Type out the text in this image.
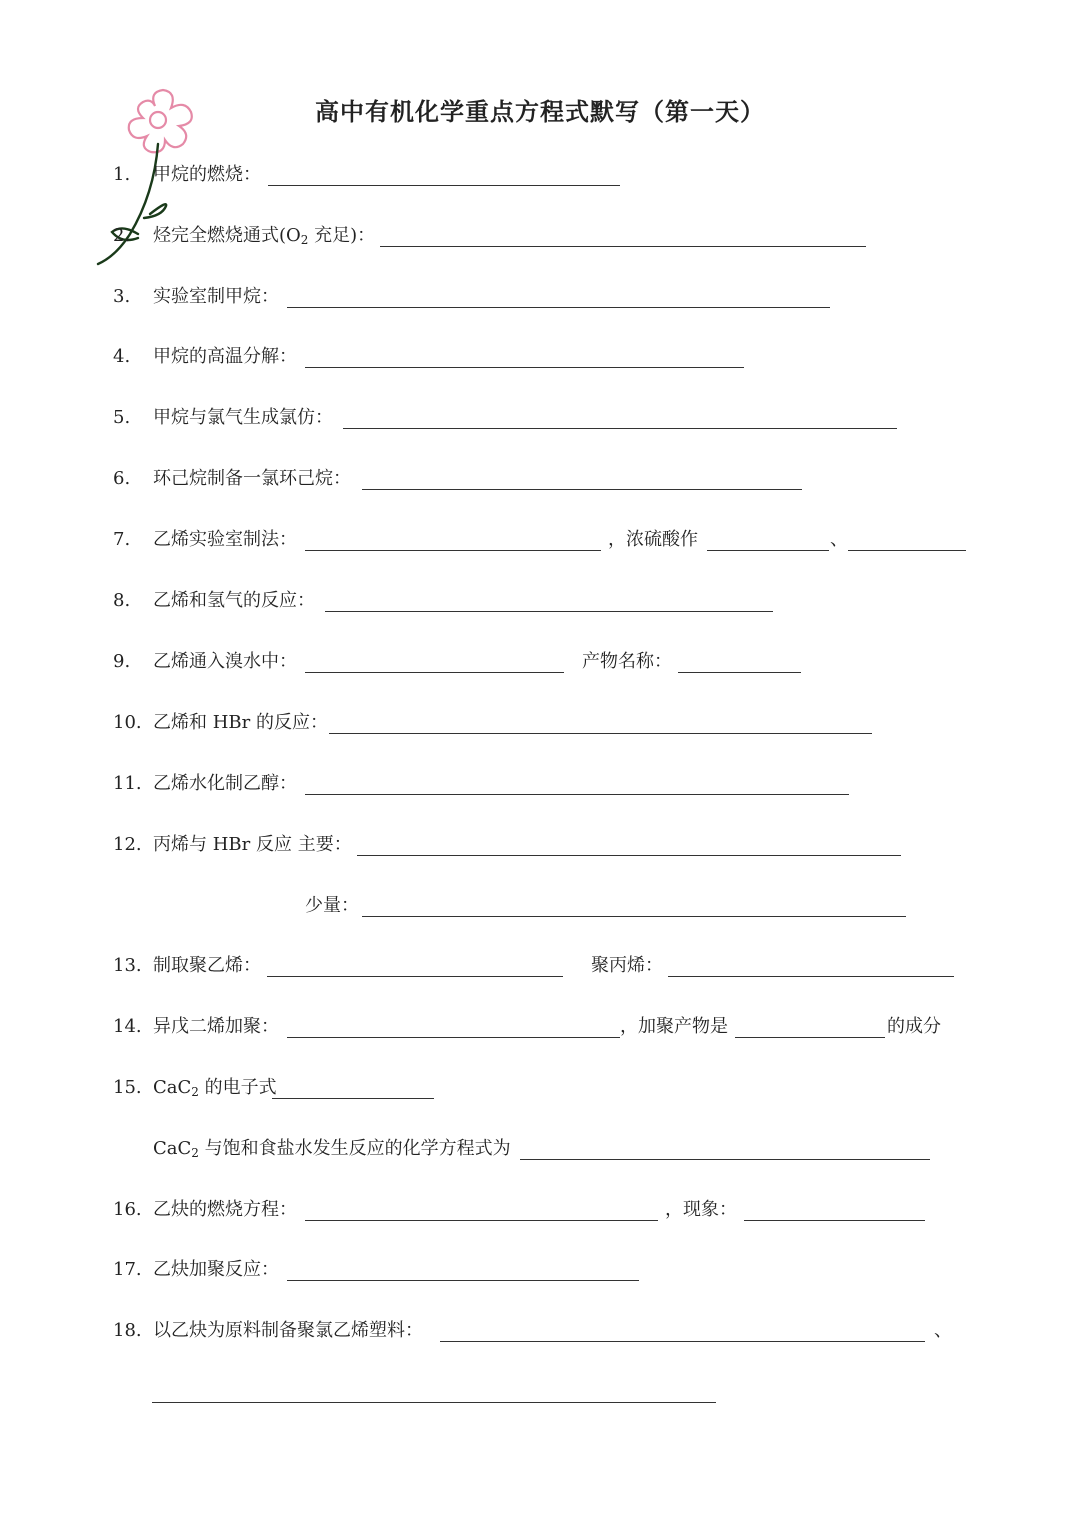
高中有机化学重点方程式默写（第一天）
1. 甲烷的燃烧：
2. 烃完全燃烧通式($O_2$ 充足)：
3. 实验室制甲烷：
4. 甲烷的高温分解：
5. 甲烷与氯气生成氯仿：
6. 环己烷制备一氯环己烷：
7. 乙烯实验室制法：	，浓硫酸作	、
8. 乙烯和氢气的反应：
9. 乙烯通入溴水中：	产物名称：
10. 乙烯和 HBr 的反应：
11. 乙烯水化制乙醇：
12. 丙烯与 HBr 反应 主要：
少量：
13. 制取聚乙烯：	聚丙烯：
14. 异戊二烯加聚：	，加聚产物是	的成分
15. CaC$_2$ 的电子式
CaC$_2$ 与饱和食盐水发生反应的化学方程式为
16. 乙炔的燃烧方程：	，现象：
17. 乙炔加聚反应：
18. 以乙炔为原料制备聚氯乙烯塑料：	、
